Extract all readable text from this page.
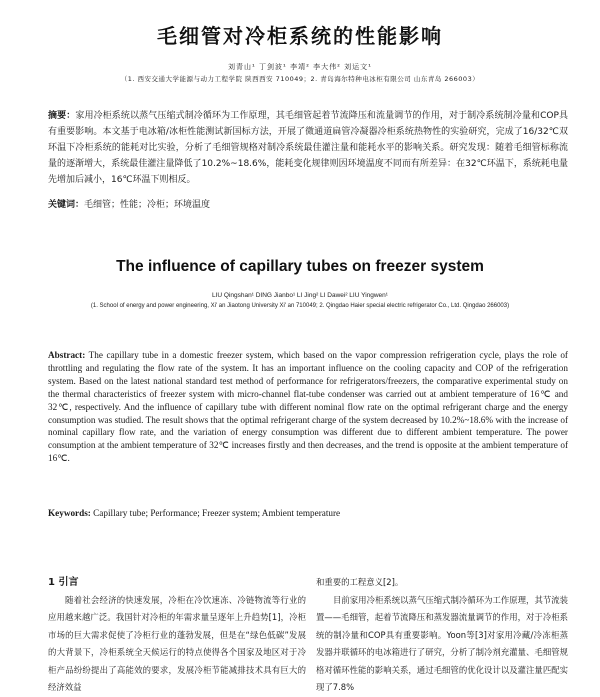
毛细管对冷柜系统的性能影响
刘青山¹ 丁剑波¹ 李靖² 李大伟² 刘运文¹
（1. 西安交通大学能源与动力工程学院 陕西西安 710049；2. 青岛海尔特种电冰柜有限公司 山东青岛 266003）
摘要：家用冷柜系统以蒸气压缩式制冷循环为工作原理，其毛细管起着节流降压和流量调节的作用，对于制冷系统制冷量和COP具有重要影响。本文基于电冰箱/冰柜性能测试新国标方法，开展了微通道扁管冷凝器冷柜系统热物性的实验研究，完成了16/32℃双环温下冷柜系统的能耗对比实验，分析了毛细管规格对制冷系统最佳灌注量和能耗水平的影响关系。研究发现：随着毛细管标称流量的逐渐增大，系统最佳灌注量降低了10.2%~18.6%，能耗变化规律则因环境温度不同而有所差异：在32℃环温下，系统耗电量先增加后减小，16℃环温下则相反。
关键词：毛细管；性能；冷柜；环境温度
The influence of capillary tubes on freezer system
LIU Qingshan¹ DING Jianbo¹ LI Jing² LI Dawei² LIU Yingwen¹
(1. School of energy and power engineering, Xi' an Jiaotong University Xi' an 710049; 2. Qingdao Haier special electric refrigerator Co., Ltd. Qingdao 266003)
Abstract: The capillary tube in a domestic freezer system, which based on the vapor compression refrigeration cycle, plays the role of throttling and regulating the flow rate of the system. It has an important influence on the cooling capacity and COP of the refrigeration system. Based on the latest national standard test method of performance for refrigerators/freezers, the comparative experimental study on the thermal characteristics of freezer system with micro-channel flat-tube condenser was carried out at ambient temperature of 16℃ and 32℃, respectively. And the influence of capillary tube with different nominal flow rate on the optimal refrigerant charge and the energy consumption was studied. The result shows that the optimal refrigerant charge of the system decreased by 10.2%~18.6% with the increase of nominal capillary flow rate, and the variation of energy consumption was different due to different ambient temperature. The power consumption at the ambient temperature of 32℃ increases firstly and then decreases, and the trend is opposite at the ambient temperature of 16℃.
Keywords: Capillary tube; Performance; Freezer system; Ambient temperature

1 引言

随着社会经济的快速发展，冷柜在冷饮速冻、冷链物流等行业的应用越来越广泛。我国针对冷柜的年需求量呈逐年上升趋势[1]，冷柜市场的巨大需求促使了冷柜行业的蓬勃发展，但是在“绿色低碳”发展的大背景下，冷柜系统全天候运行的特点使得各个国家及地区对于冷柜产品纷纷提出了高能效的要求，发展冷柜节能减排技术具有巨大的经济效益

和重要的工程意义[2]。

目前家用冷柜系统以蒸气压缩式制冷循环为工作原理，其节流装置——毛细管，起着节流降压和蒸发器流量调节的作用，对于冷柜系统的制冷量和COP具有重要影响。Yoon等[3]对家用冷藏/冷冻柜蒸发器并联循环的电冰箱进行了研究，分析了制冷剂充灌量、毛细管规格对循环性能的影响关系，通过毛细管的优化设计以及灌注量匹配实现了7.8%
